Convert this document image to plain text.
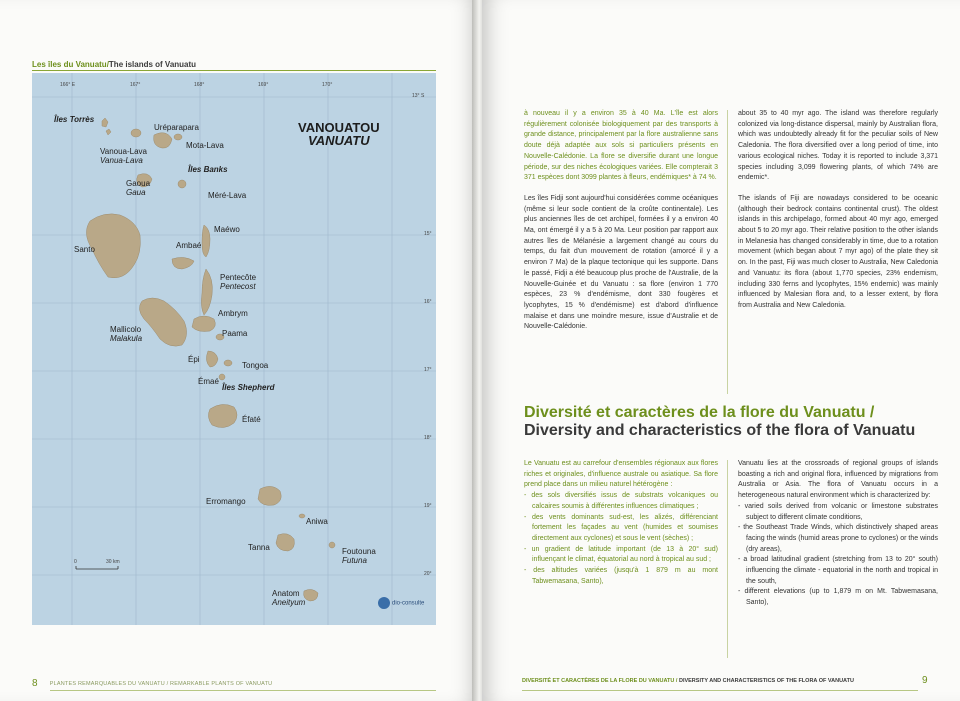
Les îles du Vanuatu/The islands of Vanuatu
166° E	167°	168°	169°	170°
13° S
15°
16°
17°
18°
19°
20°
VANOUATOU
VANUATU
Îles Torrès
Uréparapara
Mota-Lava
Vanoua-Lava
Vanua-Lava
Îles Banks
Gaoua
Gaua	Méré-Lava
Maéwo
Santo	Ambaé
Pentecôte
Pentecost
Ambrym
Mallicolo
Malakula
Paama
Épi
Tongoa
Émaé
Îles Shepherd
Éfaté
Erromango
Aniwa
Tanna	Foutouna
Futuna
Anatom
Aneityum
0	30 km
dio-consulte
8 PLANTES REMARQUABLES DU VANUATU / REMARKABLE PLANTS OF VANUATU

à nouveau il y a environ 35 à 40 Ma. L'île est alors régulièrement colonisée biologiquement par des transports à grande distance, principalement par la flore australienne sans doute déjà adaptée aux sols si particuliers présents en Nouvelle-Calédonie. La flore se diversifie durant une longue période, sur des niches écologiques variées. Elle compterait 3 371 espèces dont 3099 plantes à fleurs, endémiques* à 74 %.

Les îles Fidji sont aujourd'hui considérées comme océaniques (même si leur socle contient de la croûte continentale). Les plus anciennes îles de cet archipel, formées il y a environ 40 Ma, ont émergé il y a 5 à 20 Ma. Leur position par rapport aux autres îles de Mélanésie a largement changé au cours du temps, du fait d'un mouvement de rotation (amorcé il y a environ 7 Ma) de la plaque tectonique qui les supporte. Dans le passé, Fidji a été beaucoup plus proche de l'Australie, de la Nouvelle-Guinée et du Vanuatu : sa flore (environ 1 770 espèces, 23 % d'endémisme, dont 330 fougères et lycophytes, 15 % d'endémisme) est d'abord d'influence malaise et dans une moindre mesure, issue d'Australie et de Nouvelle-Calédonie.

about 35 to 40 myr ago. The island was therefore regularly colonized via long-distance dispersal, mainly by Australian flora, which was undoubtedly already fit for the peculiar soils of New Caledonia. The flora diversified over a long period of time, into various ecological niches. Today it is reported to include 3,371 species including 3,099 flowering plants, of which 74% are endemic*.

The islands of Fiji are nowadays considered to be oceanic (although their bedrock contains continental crust). The oldest islands in this archipelago, formed about 40 myr ago, emerged about 5 to 20 myr ago. Their relative position to the other islands in Melanesia has changed considerably in time, due to a rotation movement (which began about 7 myr ago) of the plate they sit on. In the past, Fiji was much closer to Australia, New Caledonia and Vanuatu: its flora (about 1,770 species, 23% endemism, including 330 ferns and lycophytes, 15% endemic) was mainly influenced by Malesian flora and, to a lesser extent, by flora from Australia and New Caledonia.

Diversité et caractères de la flore du Vanuatu /
Diversity and characteristics of the flora of Vanuatu

Le Vanuatu est au carrefour d'ensembles régionaux aux flores riches et originales, d'influence australe ou asiatique. Sa flore prend place dans un milieu naturel hétérogène :

- des sols diversifiés issus de substrats volcaniques ou calcaires soumis à différentes influences climatiques ;
- des vents dominants sud-est, les alizés, différenciant fortement les façades au vent (humides et soumises directement aux cyclones) et sous le vent (sèches) ;
- un gradient de latitude important (de 13 à 20° sud) influençant le climat, équatorial au nord à tropical au sud ;
- des altitudes variées (jusqu'à 1 879 m au mont Tabwemasana, Santo),

Vanuatu lies at the crossroads of regional groups of islands boasting a rich and original flora, influenced by migrations from Australia or Asia. The flora of Vanuatu occurs in a heterogeneous natural environment which is characterized by:

- varied soils derived from volcanic or limestone substrates subject to different climate conditions,
- the Southeast Trade Winds, which distinctively shaped areas facing the winds (humid areas prone to cyclones) or the winds (dry areas),
- a broad latitudinal gradient (stretching from 13 to 20° south) influencing the climate - equatorial in the north and tropical in the south,
- different elevations (up to 1,879 m on Mt. Tabwemasana, Santo),
DIVERSITÉ ET CARACTÈRES DE LA FLORE DU VANUATU / DIVERSITY AND CHARACTERISTICS OF THE FLORA OF VANUATU	9
